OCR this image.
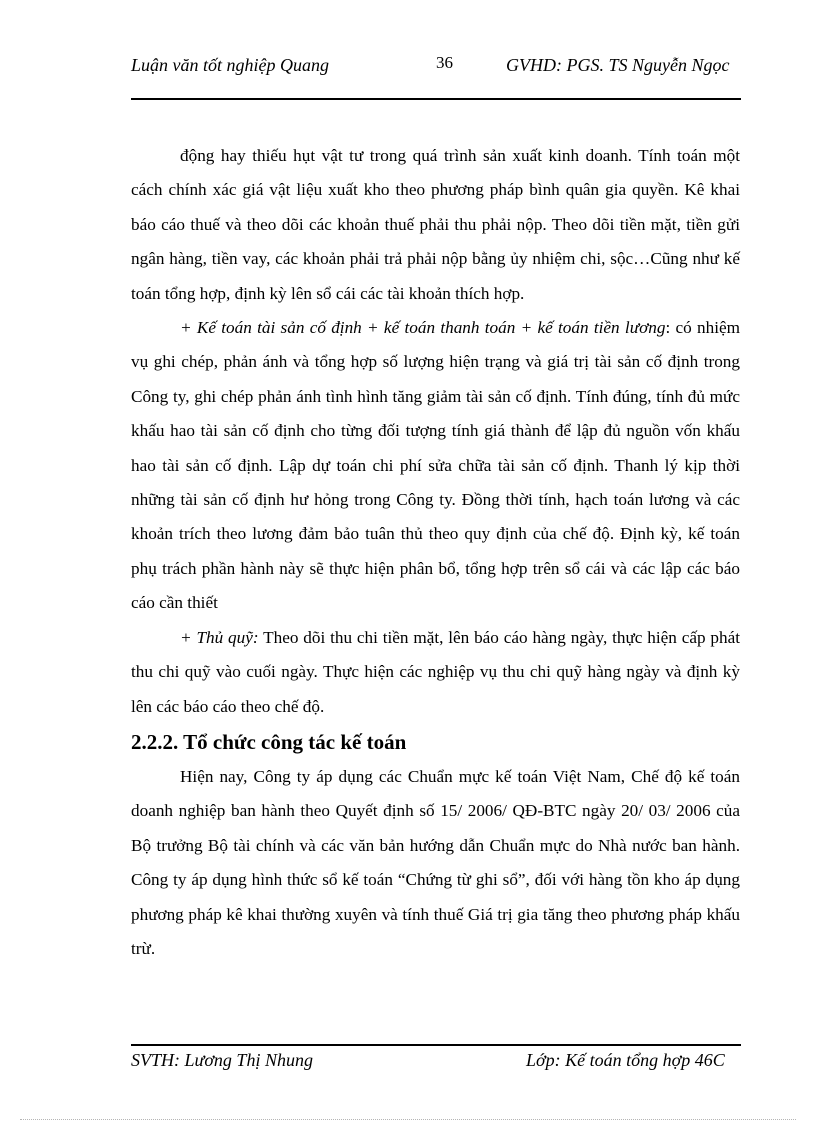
Luận văn tốt nghiệp Quang	36	GVHD: PGS. TS Nguyễn Ngọc

động hay thiếu hụt vật tư trong quá trình sản xuất kinh doanh. Tính toán một cách chính xác giá vật liệu xuất kho theo phương pháp bình quân gia quyền. Kê khai báo cáo thuế và theo dõi các khoản thuế phải thu phải nộp. Theo dõi tiền mặt, tiền gửi ngân hàng, tiền vay, các khoản phải trả phải nộp bằng ủy nhiệm chi, sộc…Cũng như kế toán tổng hợp, định kỳ lên sổ cái các tài khoản thích hợp.

+ Kế toán tài sản cố định + kế toán thanh toán + kế toán tiền lương: có nhiệm vụ ghi chép, phản ánh và tổng hợp số lượng hiện trạng và giá trị tài sản cố định trong Công ty, ghi chép phản ánh tình hình tăng giảm tài sản cố định. Tính đúng, tính đủ mức khấu hao tài sản cố định cho từng đối tượng tính giá thành để lập đủ nguồn vốn khấu hao tài sản cố định. Lập dự toán chi phí sửa chữa tài sản cố định. Thanh lý kịp thời những tài sản cố định hư hỏng trong Công ty. Đồng thời tính, hạch toán lương và các khoản trích theo lương đảm bảo tuân thủ theo quy định của chế độ. Định kỳ, kế toán phụ trách phần hành này sẽ thực hiện phân bổ, tổng hợp trên sổ cái và các lập các báo cáo cần thiết

+ Thủ quỹ: Theo dõi thu chi tiền mặt, lên báo cáo hàng ngày, thực hiện cấp phát thu chi quỹ vào cuối ngày. Thực hiện các nghiệp vụ thu chi quỹ hàng ngày và định kỳ lên các báo cáo theo chế độ.

2.2.2. Tổ chức công tác kế toán

Hiện nay, Công ty áp dụng các Chuẩn mực kế toán Việt Nam, Chế độ kế toán doanh nghiệp ban hành theo Quyết định số 15/ 2006/ QĐ-BTC ngày 20/ 03/ 2006 của Bộ trưởng Bộ tài chính và các văn bản hướng dẫn Chuẩn mực do Nhà nước ban hành. Công ty áp dụng hình thức sổ kế toán “Chứng từ ghi sổ”, đối với hàng tồn kho áp dụng phương pháp kê khai thường xuyên và tính thuế Giá trị gia tăng theo phương pháp khấu trừ.

SVTH: Lương Thị Nhung	Lớp: Kế toán tổng hợp 46C
